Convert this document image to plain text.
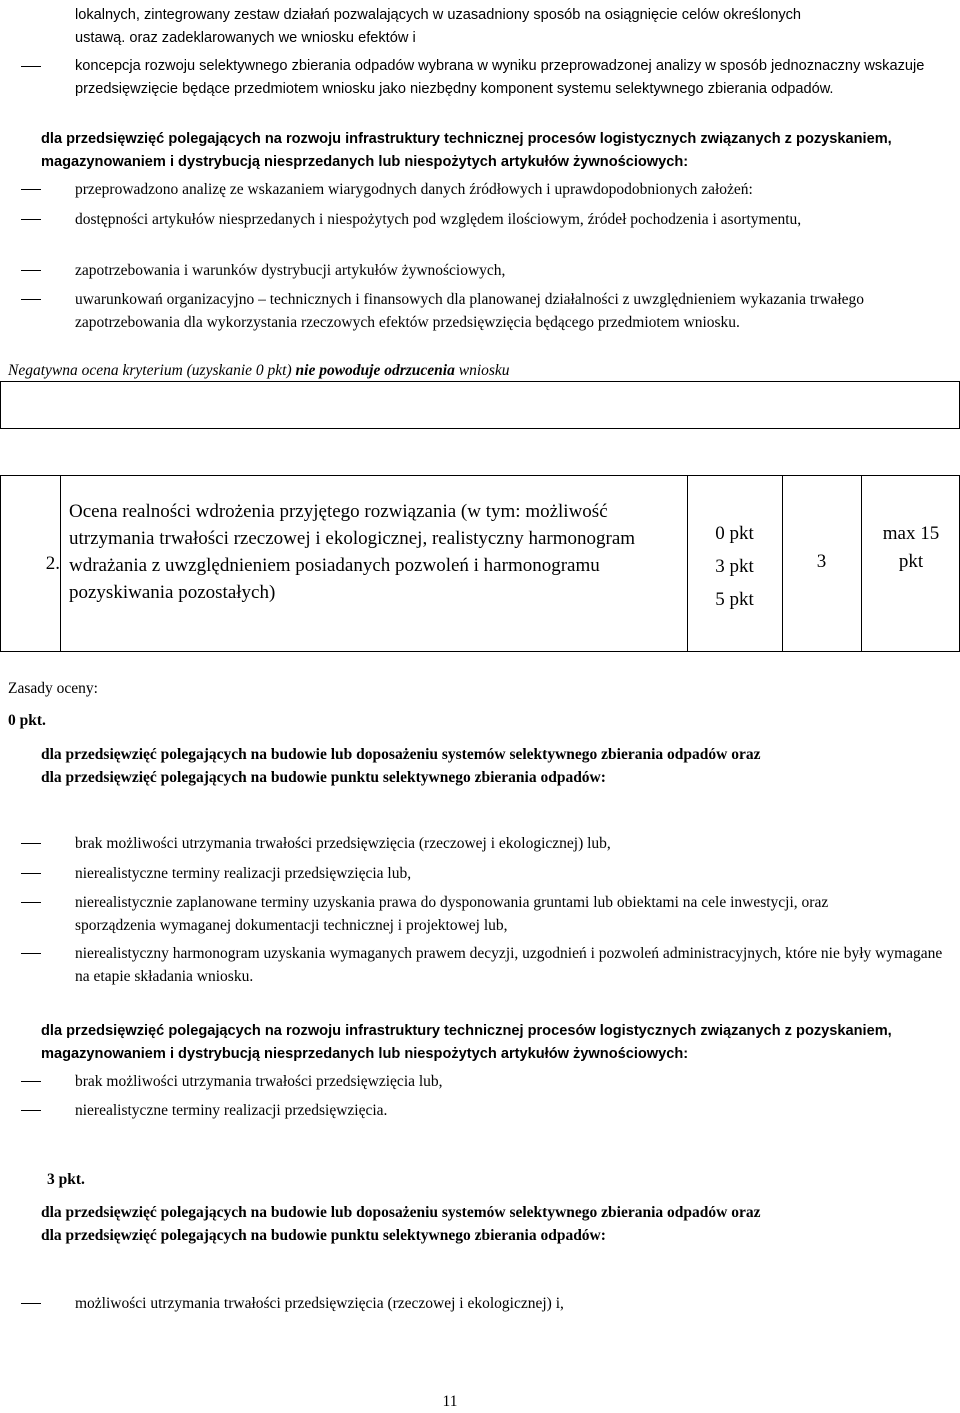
lokalnych, zintegrowany zestaw działań pozwalających w uzasadniony sposób na osiągnięcie celów określonych
ustawą. oraz zadeklarowanych we wniosku efektów i
koncepcja rozwoju selektywnego zbierania odpadów wybrana w wyniku przeprowadzonej analizy w sposób jednoznaczny wskazuje przedsięwzięcie będące przedmiotem wniosku jako niezbędny komponent systemu selektywnego zbierania odpadów.
dla przedsięwzięć polegających na rozwoju infrastruktury technicznej procesów logistycznych związanych z pozyskaniem, magazynowaniem i dystrybucją niesprzedanych lub niespożytych artykułów żywnościowych:
przeprowadzono analizę ze wskazaniem wiarygodnych danych źródłowych i uprawdopodobnionych założeń:
dostępności artykułów niesprzedanych i niespożytych pod względem ilościowym, źródeł pochodzenia i asortymentu,
zapotrzebowania i warunków dystrybucji artykułów żywnościowych,
uwarunkowań organizacyjno – technicznych i finansowych dla planowanej działalności z uwzględnieniem wykazania trwałego zapotrzebowania dla wykorzystania rzeczowych efektów przedsięwzięcia będącego przedmiotem wniosku.
Negatywna ocena kryterium (uzyskanie 0 pkt) nie powoduje odrzucenia wniosku
2.
Ocena realności wdrożenia przyjętego rozwiązania (w tym: możliwość utrzymania trwałości rzeczowej i ekologicznej, realistyczny harmonogram wdrażania z uwzględnieniem posiadanych pozwoleń i harmonogramu pozyskiwania pozostałych)
0 pkt
3 pkt
5 pkt
3
max 15 pkt
Zasady oceny:
0 pkt.
dla przedsięwzięć polegających na budowie lub doposażeniu systemów selektywnego zbierania odpadów oraz
dla przedsięwzięć polegających na budowie punktu selektywnego zbierania odpadów:
brak możliwości utrzymania trwałości przedsięwzięcia (rzeczowej i ekologicznej) lub,
nierealistyczne terminy realizacji przedsięwzięcia lub,
nierealistycznie zaplanowane terminy uzyskania prawa do dysponowania gruntami lub obiektami na cele inwestycji, oraz sporządzenia wymaganej dokumentacji technicznej i projektowej lub,
nierealistyczny harmonogram uzyskania wymaganych prawem decyzji, uzgodnień i pozwoleń administracyjnych, które nie były wymagane na etapie składania wniosku.
dla przedsięwzięć polegających na rozwoju infrastruktury technicznej procesów logistycznych związanych z pozyskaniem, magazynowaniem i dystrybucją niesprzedanych lub niespożytych artykułów żywnościowych:
brak możliwości utrzymania trwałości przedsięwzięcia lub,
nierealistyczne terminy realizacji przedsięwzięcia.
3 pkt.
dla przedsięwzięć polegających na budowie lub doposażeniu systemów selektywnego zbierania odpadów oraz
dla przedsięwzięć polegających na budowie punktu selektywnego zbierania odpadów:
możliwości utrzymania trwałości przedsięwzięcia (rzeczowej i ekologicznej) i,
11
